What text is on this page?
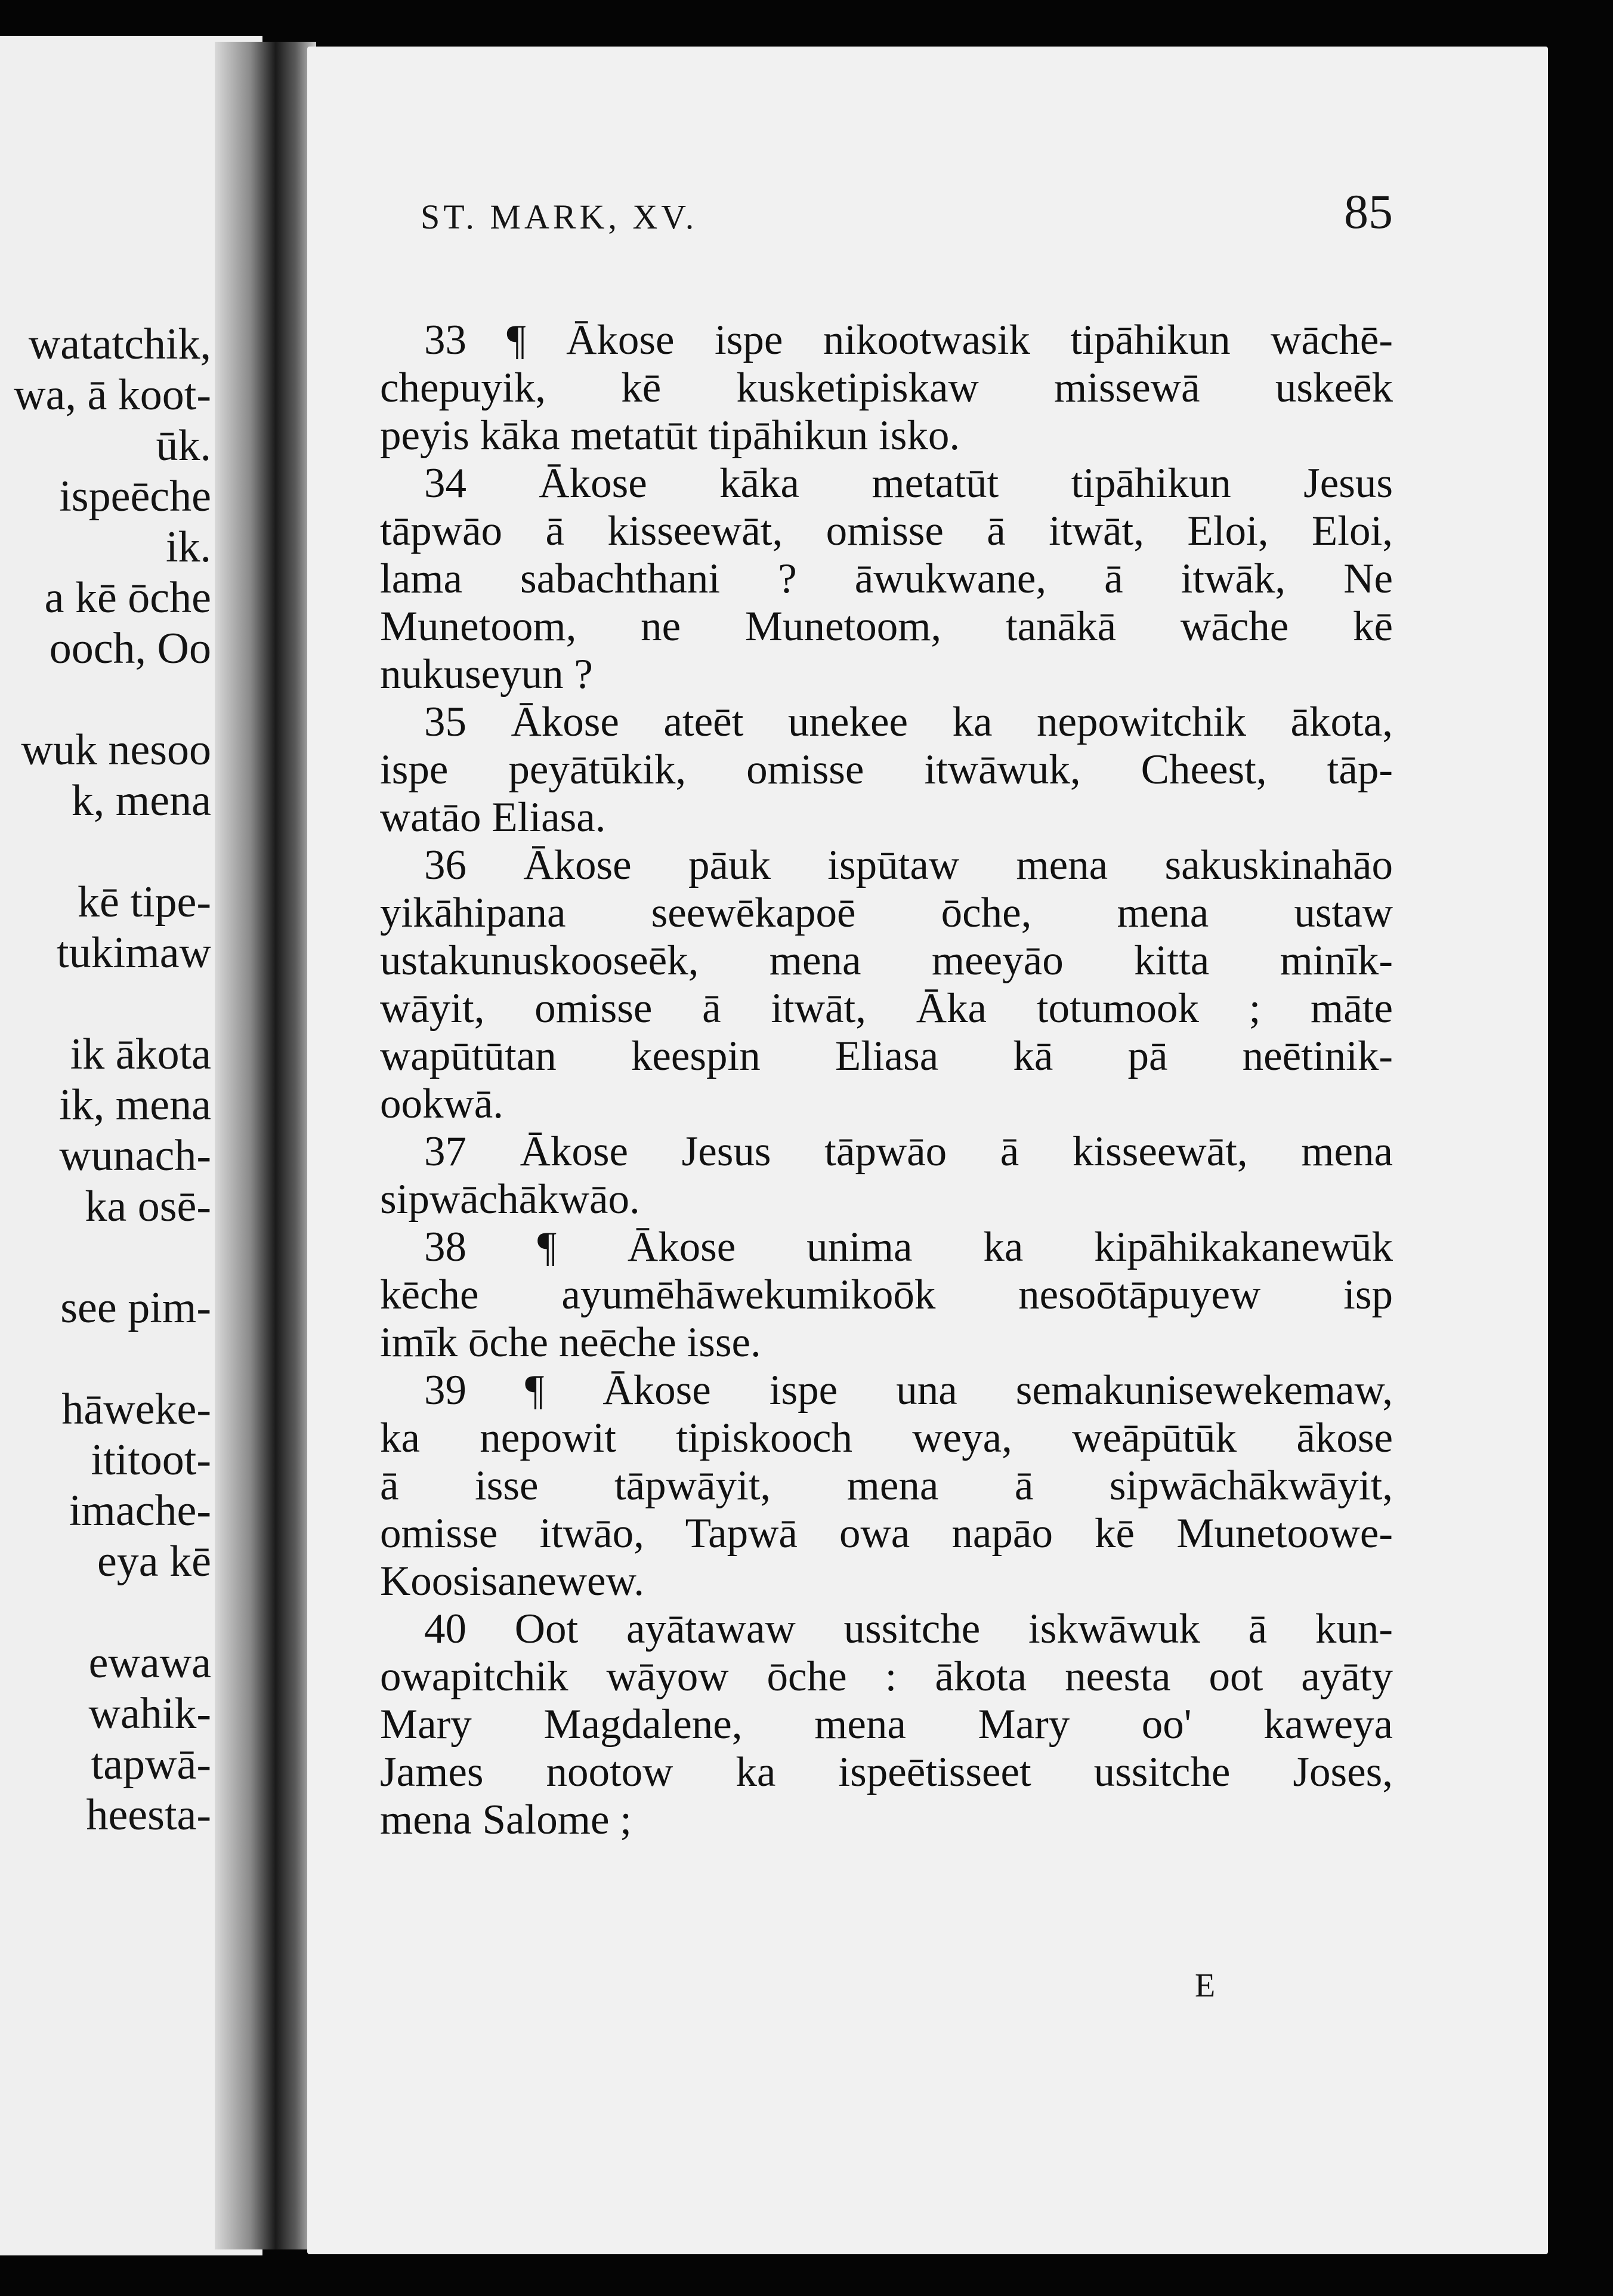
watatchik,
wa, ā koot-
ūk.
ispeēche
ik.
a kē ōche
ooch, Oo
wuk nesoo
k, mena
kē tipe-
tukimaw
ik ākota
ik, mena
wunach-
ka osē-
see pim-
hāweke-
ititoot-
imache-
eya kē
ewawa
wahik-
tapwā-
heesta-
ST. MARK, XV.	85

33 ¶ Ākose ispe nikootwasik tipāhikun wāchē-
chepuyik, kē kusketipiskaw missewā uskeēk
peyis kāka metatūt tipāhikun isko.

34 Ākose kāka metatūt tipāhikun Jesus
tāpwāo ā kisseewāt, omisse ā itwāt, Eloi, Eloi,
lama sabachthani ? āwukwane, ā itwāk, Ne
Munetoom, ne Munetoom, tanākā wāche kē
nukuseyun ?

35 Ākose ateēt unekee ka nepowitchik ākota,
ispe peyātūkik, omisse itwāwuk, Cheest, tāp-
watāo Eliasa.

36 Ākose pāuk ispūtaw mena sakuskinahāo
yikāhipana seewēkapoē ōche, mena ustaw
ustakunuskooseēk, mena meeyāo kitta minīk-
wāyit, omisse ā itwāt, Āka totumook ; māte
wapūtūtan keespin Eliasa kā pā neētinik-
ookwā.

37 Ākose Jesus tāpwāo ā kisseewāt, mena
sipwāchākwāo.

38 ¶ Ākose unima ka kipāhikakanewūk
kēche ayumēhāwekumikoōk nesoōtāpuyew isp
imīk ōche neēche isse.

39 ¶ Ākose ispe una semakunisewekemaw,
ka nepowit tipiskooch weya, weāpūtūk ākose
ā isse tāpwāyit, mena ā sipwāchākwāyit,
omisse itwāo, Tapwā owa napāo kē Munetoowe-
Koosisanewew.

40 Oot ayātawaw ussitche iskwāwuk ā kun-
owapitchik wāyow ōche : ākota neesta oot ayāty
Mary Magdalene, mena Mary oo' kaweya
James nootow ka ispeētisseet ussitche Joses,
mena Salome ;

E
